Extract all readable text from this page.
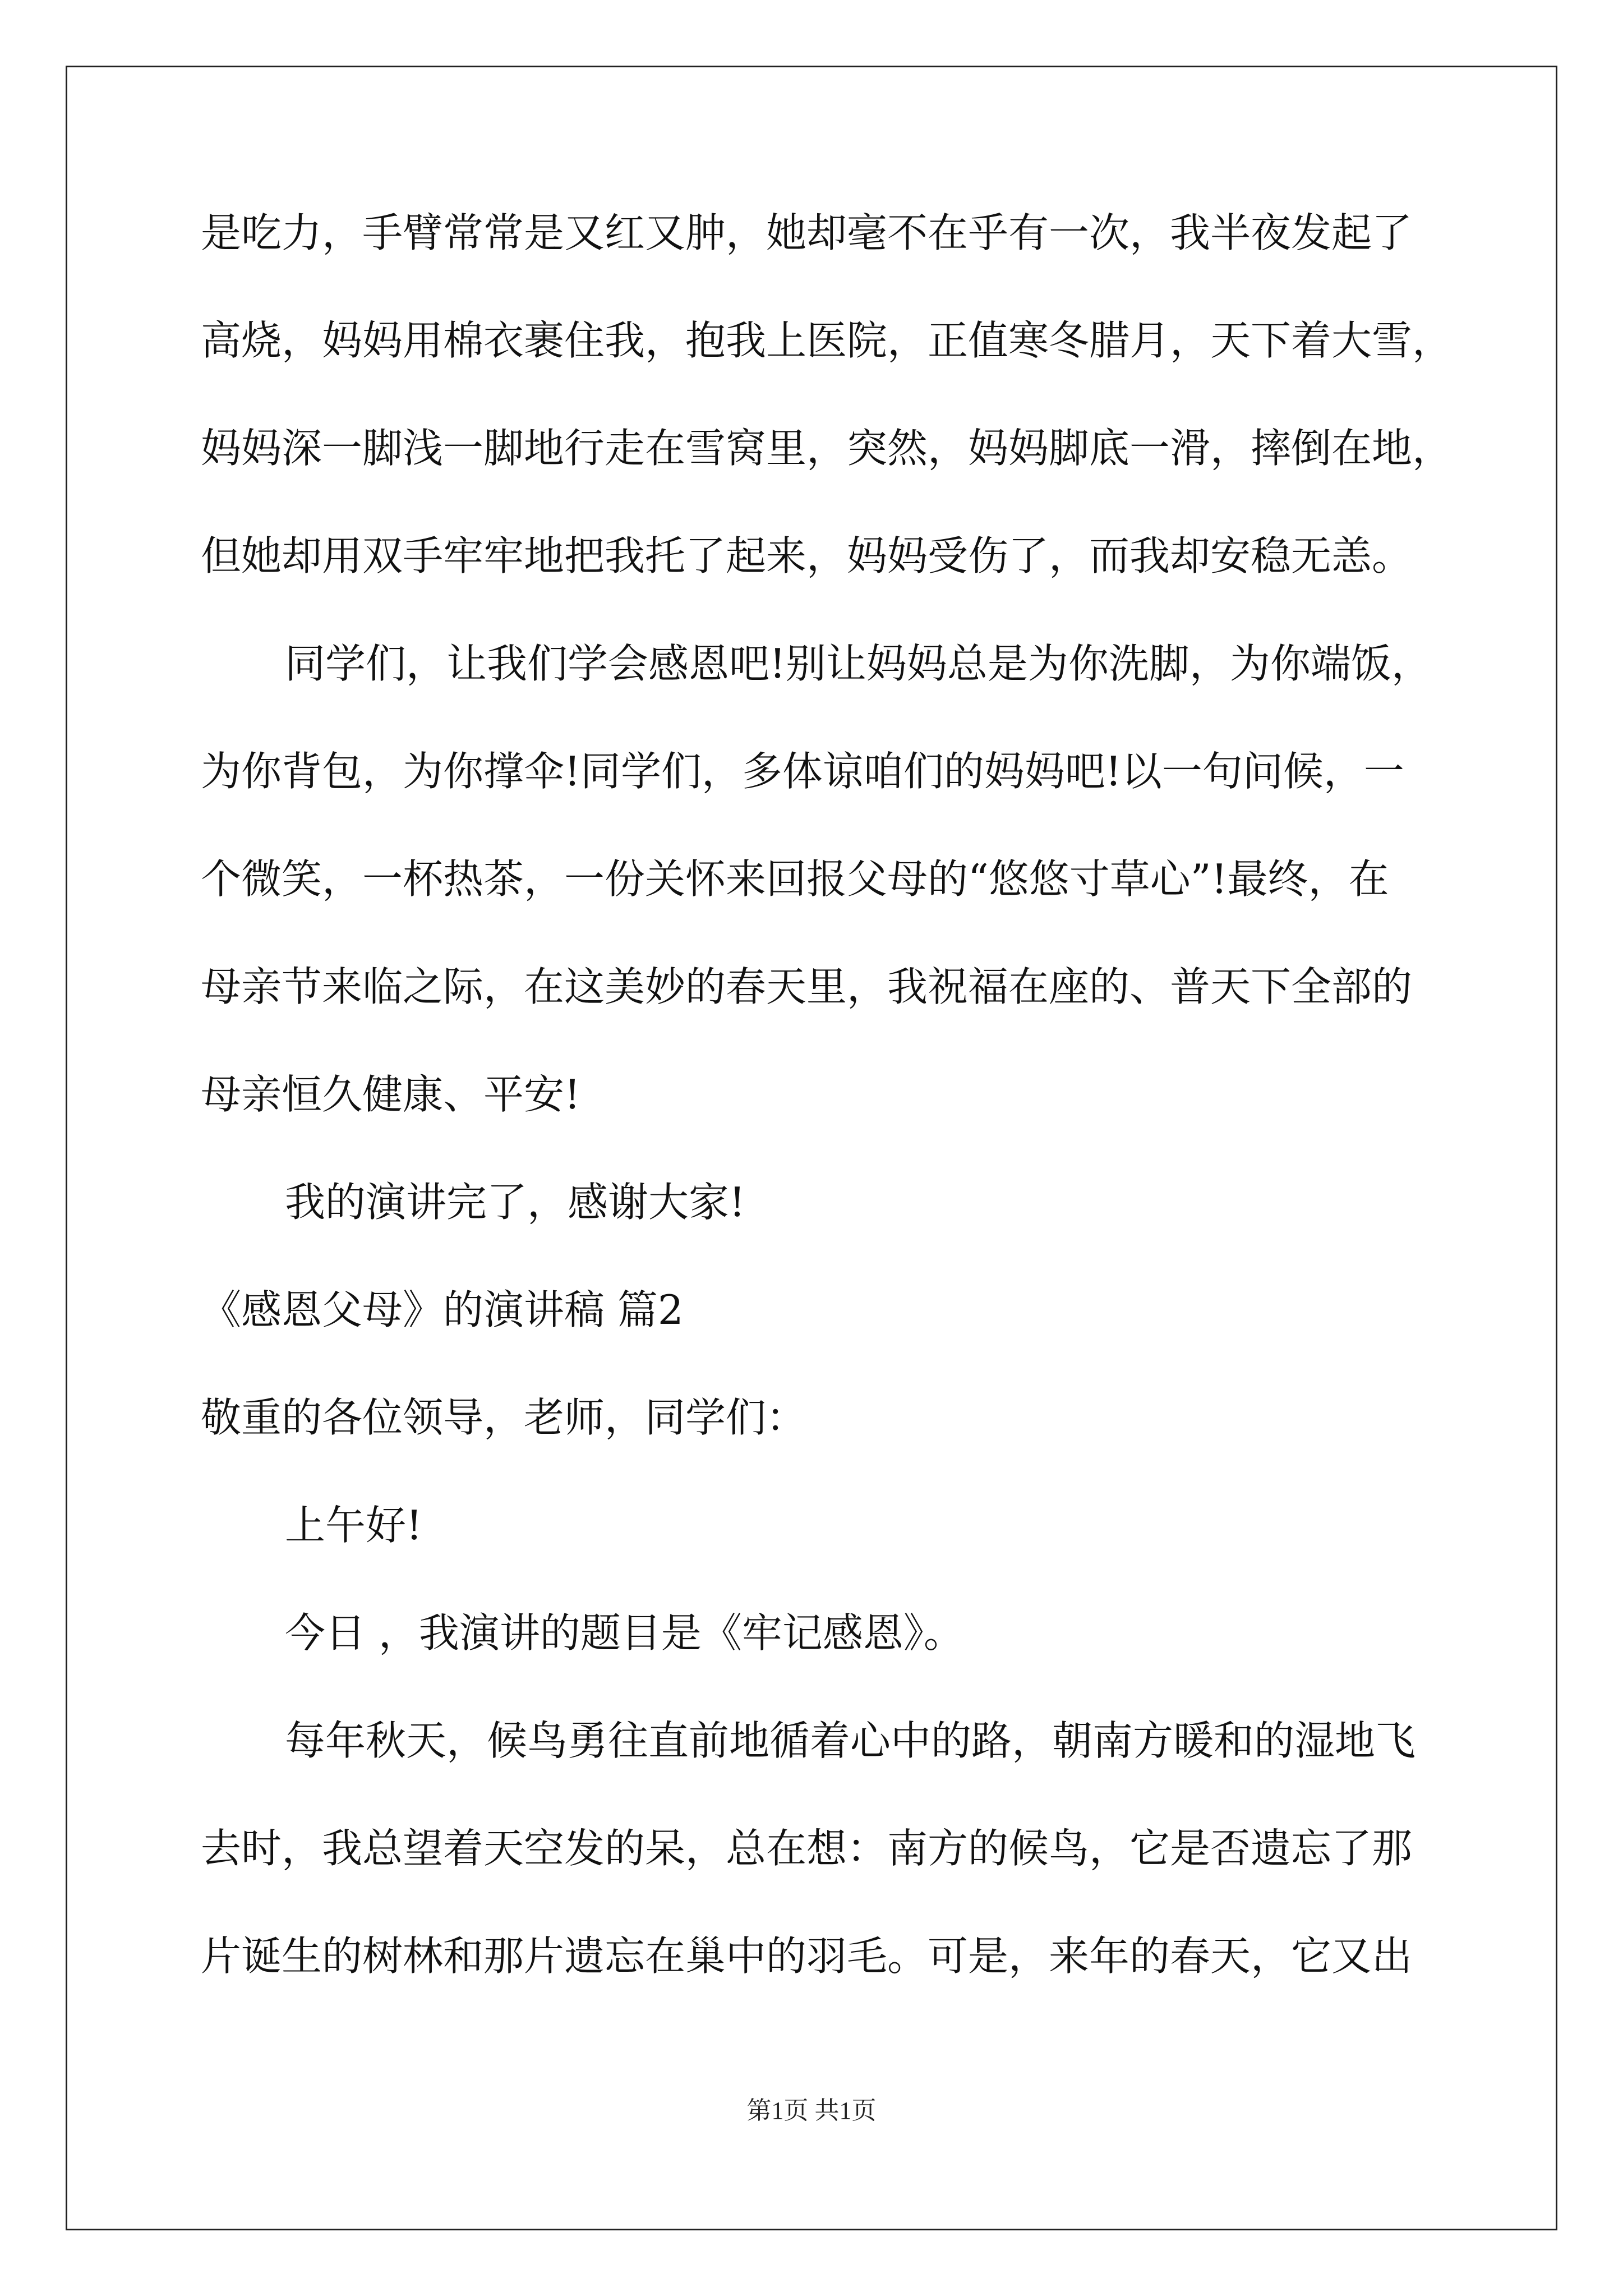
是吃力，手臂常常是又红又肿，她却毫不在乎有一次，我半夜发起了
高烧，妈妈用棉衣裹住我，抱我上医院，正值寒冬腊月，天下着大雪，
妈妈深一脚浅一脚地行走在雪窝里，突然，妈妈脚底一滑，摔倒在地，
但她却用双手牢牢地把我托了起来，妈妈受伤了，而我却安稳无恙。
同学们，让我们学会感恩吧!别让妈妈总是为你洗脚，为你端饭，
为你背包，为你撑伞!同学们，多体谅咱们的妈妈吧!以一句问候，一
个微笑，一杯热茶，一份关怀来回报父母的“悠悠寸草心”!最终，在
母亲节来临之际，在这美妙的春天里，我祝福在座的、普天下全部的
母亲恒久健康、平安!
我的演讲完了，感谢大家!
《感恩父母》的演讲稿 篇2
敬重的各位领导，老师，同学们：
上午好!
今日 ，我演讲的题目是《牢记感恩》。
每年秋天，候鸟勇往直前地循着心中的路，朝南方暖和的湿地飞
去时，我总望着天空发的呆，总在想：南方的候鸟，它是否遗忘了那
片诞生的树林和那片遗忘在巢中的羽毛。可是，来年的春天，它又出
第1页 共1页
